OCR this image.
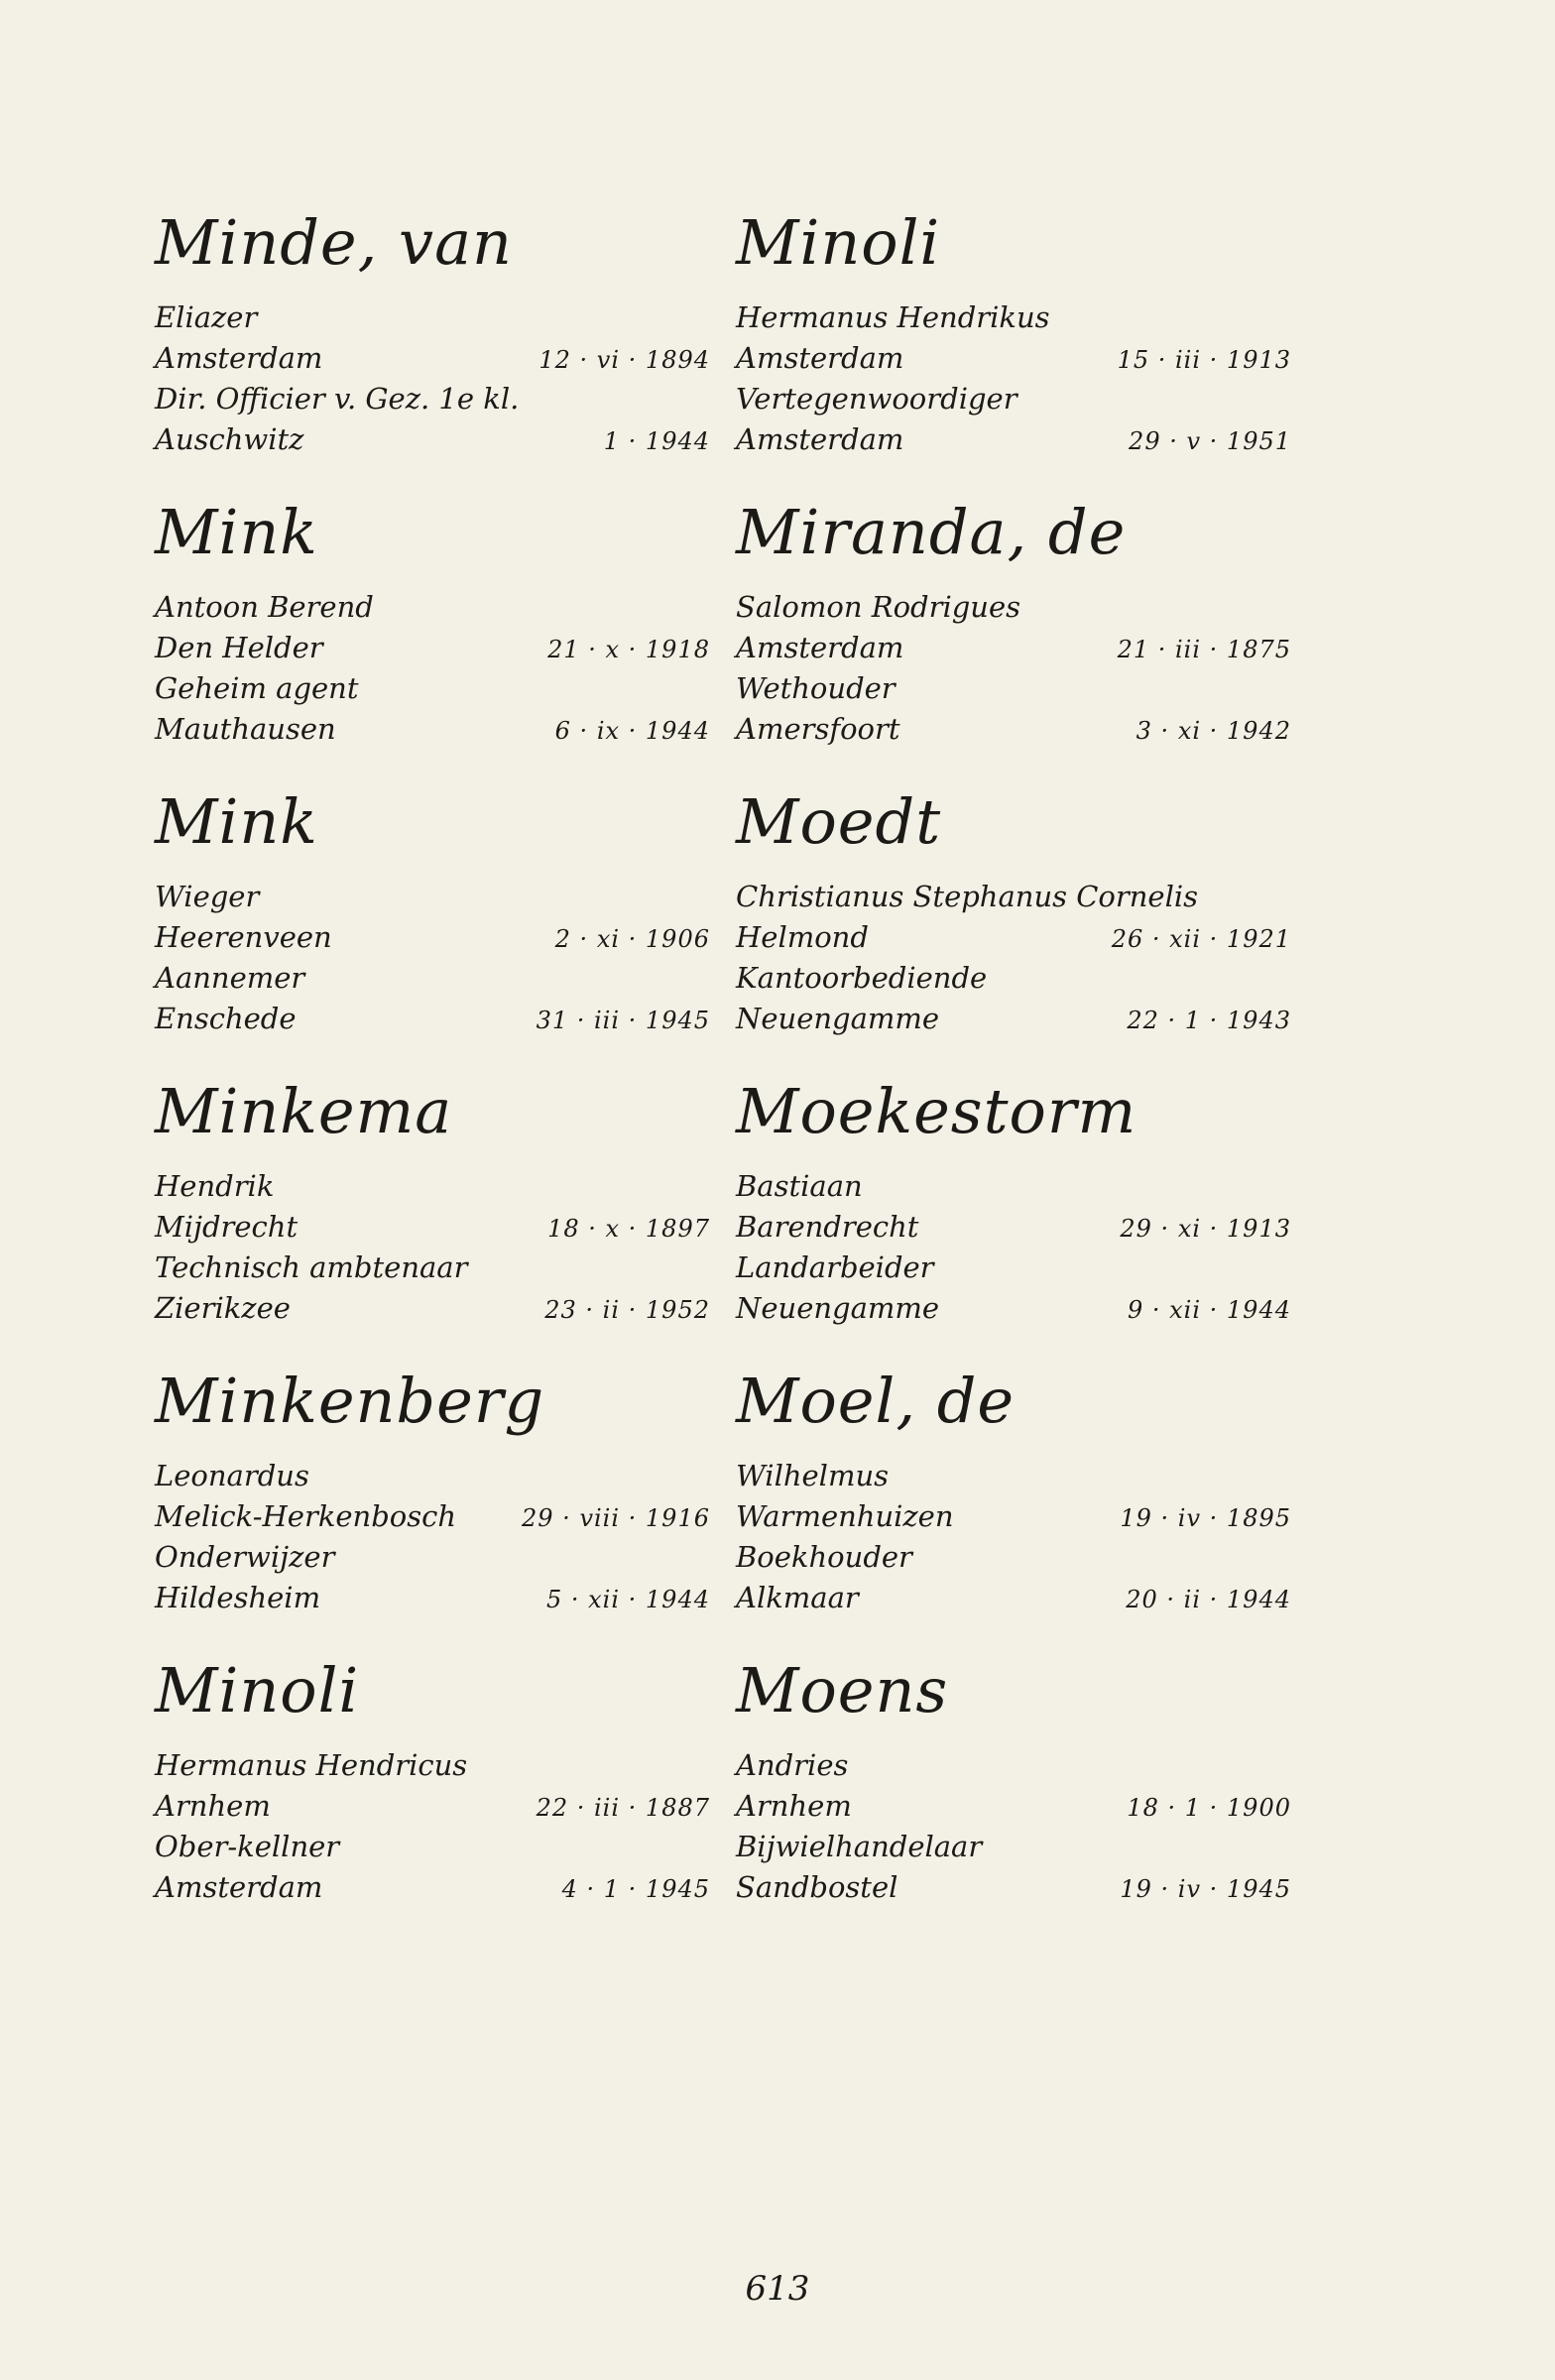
Minde, van
Eliazer
Amsterdam	12 · vi · 1894
Dir. Officier v. Gez. 1e kl.
Auschwitz	1 · 1944
Mink
Antoon Berend
Den Helder	21 · x · 1918
Geheim agent
Mauthausen	6 · ix · 1944
Mink
Wieger
Heerenveen	2 · xi · 1906
Aannemer
Enschede	31 · iii · 1945
Minkema
Hendrik
Mijdrecht	18 · x · 1897
Technisch ambtenaar
Zierikzee	23 · ii · 1952
Minkenberg
Leonardus
Melick-Herkenbosch	29 · viii · 1916
Onderwijzer
Hildesheim	5 · xii · 1944
Minoli
Hermanus Hendricus
Arnhem	22 · iii · 1887
Ober-kellner
Amsterdam	4 · 1 · 1945
Minoli
Hermanus Hendrikus
Amsterdam	15 · iii · 1913
Vertegenwoordiger
Amsterdam	29 · v · 1951
Miranda, de
Salomon Rodrigues
Amsterdam	21 · iii · 1875
Wethouder
Amersfoort	3 · xi · 1942
Moedt
Christianus Stephanus Cornelis
Helmond	26 · xii · 1921
Kantoorbediende
Neuengamme	22 · 1 · 1943
Moekestorm
Bastiaan
Barendrecht	29 · xi · 1913
Landarbeider
Neuengamme	9 · xii · 1944
Moel, de
Wilhelmus
Warmenhuizen	19 · iv · 1895
Boekhouder
Alkmaar	20 · ii · 1944
Moens
Andries
Arnhem	18 · 1 · 1900
Bijwielhandelaar
Sandbostel	19 · iv · 1945
613
